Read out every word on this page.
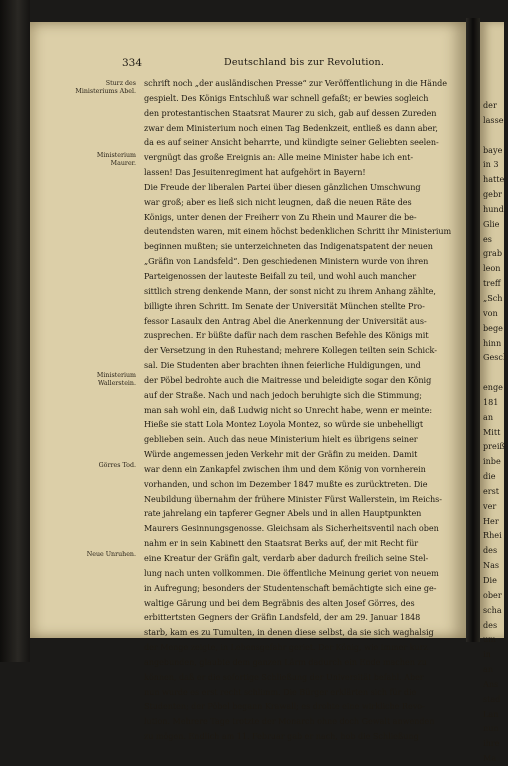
der
lasse
baye
in 3
hatte
gebr
hund
Glie
es
grab
leon
treff
„Sch
von
bege
hinn
Gesch
enge
181
an
Mitt
preiß
inbe
die
erst
ver
Her
Rhei
des
Nas
Die
ober
scha
des
um
in
an
Ans
stad
Lan
nun
ihre
Ma
334	Deutschland bis zur Revolution.
Sturz des Ministeriums Abel.
Ministerium Maurer.
Ministerium Wallerstein.
Görres Tod.
Neue Unruhen.
schrift noch „der ausländischen Presse“ zur Veröffentlichung in die Hände
gespielt. Des Königs Entschluß war schnell gefaßt; er bewies sogleich
den protestantischen Staatsrat Maurer zu sich, gab auf dessen Zureden
zwar dem Ministerium noch einen Tag Bedenkzeit, entließ es dann aber,
da es auf seiner Ansicht beharrte, und kündigte seiner Geliebten seelen-
vergnügt das große Ereignis an: Alle meine Minister habe ich ent-
lassen! Das Jesuitenregiment hat aufgehört in Bayern!
Die Freude der liberalen Partei über diesen gänzlichen Umschwung
war groß; aber es ließ sich nicht leugnen, daß die neuen Räte des
Königs, unter denen der Freiherr von Zu Rhein und Maurer die be-
deutendsten waren, mit einem höchst bedenklichen Schritt ihr Ministerium
beginnen mußten; sie unterzeichneten das Indigenatspatent der neuen
„Gräfin von Landsfeld“. Den geschiedenen Ministern wurde von ihren
Parteigenossen der lauteste Beifall zu teil, und wohl auch mancher
sittlich streng denkende Mann, der sonst nicht zu ihrem Anhang zählte,
billigte ihren Schritt. Im Senate der Universität München stellte Pro-
fessor Lasaulx den Antrag Abel die Anerkennung der Universität aus-
zusprechen. Er büßte dafür nach dem raschen Befehle des Königs mit
der Versetzung in den Ruhestand; mehrere Kollegen teilten sein Schick-
sal. Die Studenten aber brachten ihnen feierliche Huldigungen, und
der Pöbel bedrohte auch die Maitresse und beleidigte sogar den König
auf der Straße. Nach und nach jedoch beruhigte sich die Stimmung;
man sah wohl ein, daß Ludwig nicht so Unrecht habe, wenn er meinte:
Hieße sie statt Lola Montez Loyola Montez, so würde sie unbehelligt
geblieben sein. Auch das neue Ministerium hielt es übrigens seiner
Würde angemessen jeden Verkehr mit der Gräfin zu meiden. Damit
war denn ein Zankapfel zwischen ihm und dem König von vornherein
vorhanden, und schon im Dezember 1847 mußte es zurücktreten. Die
Neubildung übernahm der frühere Minister Fürst Wallerstein, im Reichs-
rate jahrelang ein tapferer Gegner Abels und in allen Hauptpunkten
Maurers Gesinnungsgenosse. Gleichsam als Sicherheitsventil nach oben
nahm er in sein Kabinett den Staatsrat Berks auf, der mit Recht für
eine Kreatur der Gräfin galt, verdarb aber dadurch freilich seine Stel-
lung nach unten vollkommen. Die öffentliche Meinung geriet von neuem
in Aufregung; besonders der Studentenschaft bemächtigte sich eine ge-
waltige Gärung und bei dem Begräbnis des alten Josef Görres, des
erbittertsten Gegners der Gräfin Landsfeld, der am 29. Januar 1848
starb, kam es zu Tumulten, in denen diese selbst, da sie sich waghalsig
der Menge zeigte, in Lebensgefahr geriet. Der König, wie immer kurz
angebunden, glaubte dem ganzen Lärm dadurch ein Ende machen zu
können, daß er die sofortige Schließung der Universität befahl. Aber
nun wurde es erst recht schlimm. Die Bürger erklärten sich für die
Studenten; der Pöbel begann Krawall; es drohte eine wirkliche Revo-
lution. Mehrere Tage trotzte der Monarch ohne doch Gewalt anwenden
zu mögen. Endlich am 11. Februar gab er nach, hob die Schließung
